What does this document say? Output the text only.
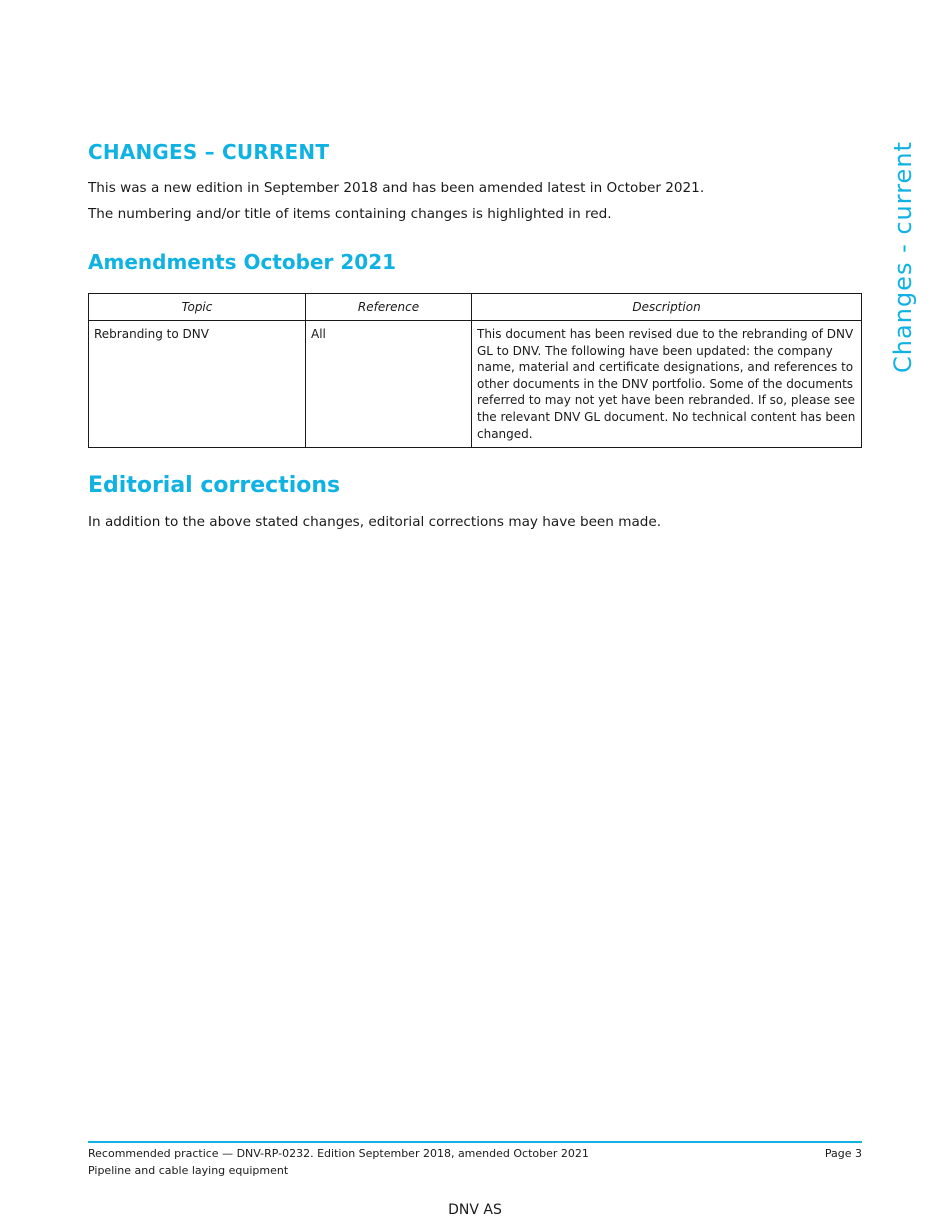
CHANGES – CURRENT

This was a new edition in September 2018 and has been amended latest in October 2021.

The numbering and/or title of items containing changes is highlighted in red.

Amendments October 2021
Topic	Reference	Description
Rebranding to DNV	All	This document has been revised due to the rebranding of DNV GL to DNV. The following have been updated: the company name, material and certificate designations, and references to other documents in the DNV portfolio. Some of the documents referred to may not yet have been rebranded. If so, please see the relevant DNV GL document. No technical content has been changed.
Editorial corrections

In addition to the above stated changes, editorial corrections may have been made.

Changes - current
Recommended practice — DNV-RP-0232. Edition September 2018, amended October 2021
Pipeline and cable laying equipment
Page 3
DNV AS
